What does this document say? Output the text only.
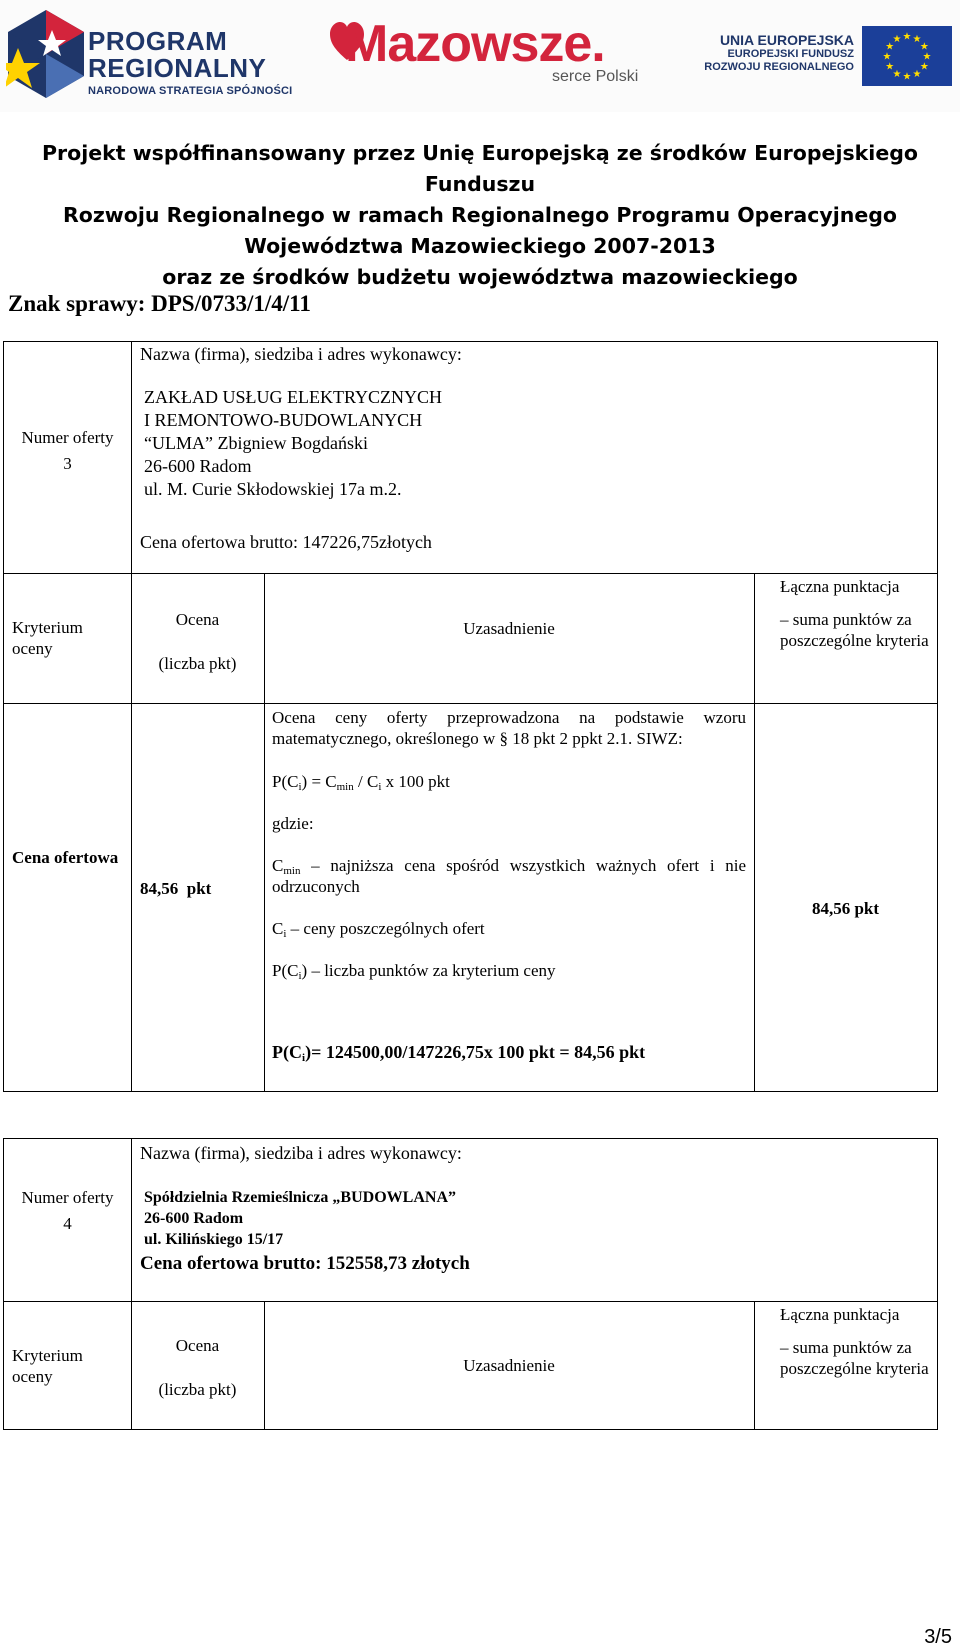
PROGRAM
REGIONALNY
NARODOWA STRATEGIA SPÓJNOŚCI
Mazowsze.
serce Polski
UNIA EUROPEJSKA
EUROPEJSKI FUNDUSZ
ROZWOJU REGIONALNEGO
★
★
★
★
★
★
★
★
★ ★ ★
★
Projekt współfinansowany przez Unię Europejską ze środków Europejskiego Funduszu
Rozwoju Regionalnego w ramach Regionalnego Programu Operacyjnego
Województwa Mazowieckiego 2007-2013
oraz ze środków budżetu województwa mazowieckiego
Znak sprawy: DPS/0733/1/4/11
Numer oferty
3
Nazwa (firma), siedziba i adres wykonawcy:
ZAKŁAD USŁUG ELEKTRYCZNYCH
I REMONTOWO-BUDOWLANYCH
“ULMA” Zbigniew Bogdański
26-600 Radom
ul. M. Curie Skłodowskiej 17a m.2.
Cena ofertowa brutto: 147226,75złotych
Kryterium oceny
Ocena
(liczba pkt)
Uzasadnienie
Łączna punktacja
– suma punktów za poszczególne kryteria
Cena ofertowa
84,56  pkt
Ocena ceny oferty przeprowadzona na podstawie wzoru matematycznego, określonego w § 18 pkt 2 ppkt 2.1. SIWZ:
$P(C_i) = C_{min} / C_i$ x 100 pkt
gdzie:
$C_{min}$ – najniższa cena spośród wszystkich ważnych ofert i nie odrzuconych
$C_i$ – ceny poszczególnych ofert
$P(C_i)$ – liczba punktów za kryterium ceny
$P(C_i)= 124500,00/147226,75x$ 100 pkt = 84,56 pkt
84,56 pkt
Numer oferty
4
Nazwa (firma), siedziba i adres wykonawcy:
Spółdzielnia Rzemieślnicza „BUDOWLANA”
26-600 Radom
ul. Kilińskiego 15/17
Cena ofertowa brutto: 152558,73 złotych
Kryterium oceny
Ocena
(liczba pkt)
Uzasadnienie
Łączna punktacja
– suma punktów za poszczególne kryteria
3/5
